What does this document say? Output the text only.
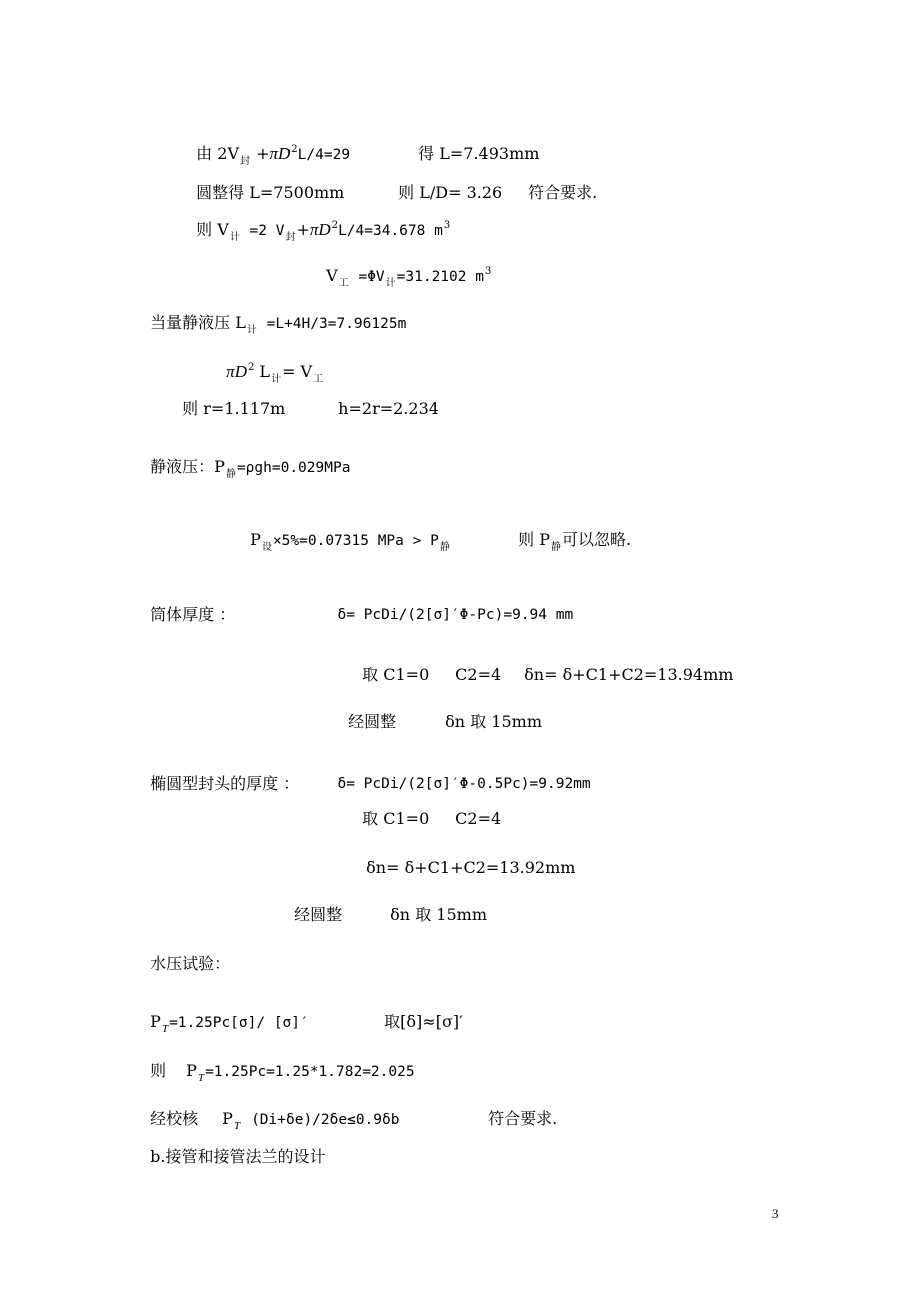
由 $2V_封 +\pi D^2L/4=29$	得 L=7.493mm

圆整得 L=7500mm	则 L/D= 3.26	符合要求.

则 $V_计 =2$ $V_封+\pi D^2L/4=34.678$ $m^3$

$V_工 =\Phi V_计=31.2102$ $m^3$

当量静液压 $L_计 =L+4H/3=7.96125m$

$\pi D^2$ $L_计= V_工$

则 r=1.117m	h=2r=2.234

静液压：$P_静=\rho gh=0.029MPa$

$P_设\times 5\%=0.07315$ MPa > $P_静$	则 $P_静$可以忽略.

筒体厚度 ：	δ= PcDi/(2[σ]′Φ-Pc)=9.94 mm

取 C1=0	C2=4	δn= δ+C1+C2=13.94mm

经圆整	δn 取 15mm

椭圆型封头的厚度 ：	δ= PcDi/(2[σ]′Φ-0.5Pc)=9.92mm

取 C1=0	C2=4

δn= δ+C1+C2=13.92mm

经圆整	δn 取 15mm

水压试验：

$P_T=1.25Pc[\sigma]/$ [σ]′	取[δ]≈[σ]′

则	$P_T=1.25Pc=1.25*1.782=2.025$

经校核	$P_T$ (Di+δe)/2δe≤0.9δb	符合要求.

b.接管和接管法兰的设计

3
